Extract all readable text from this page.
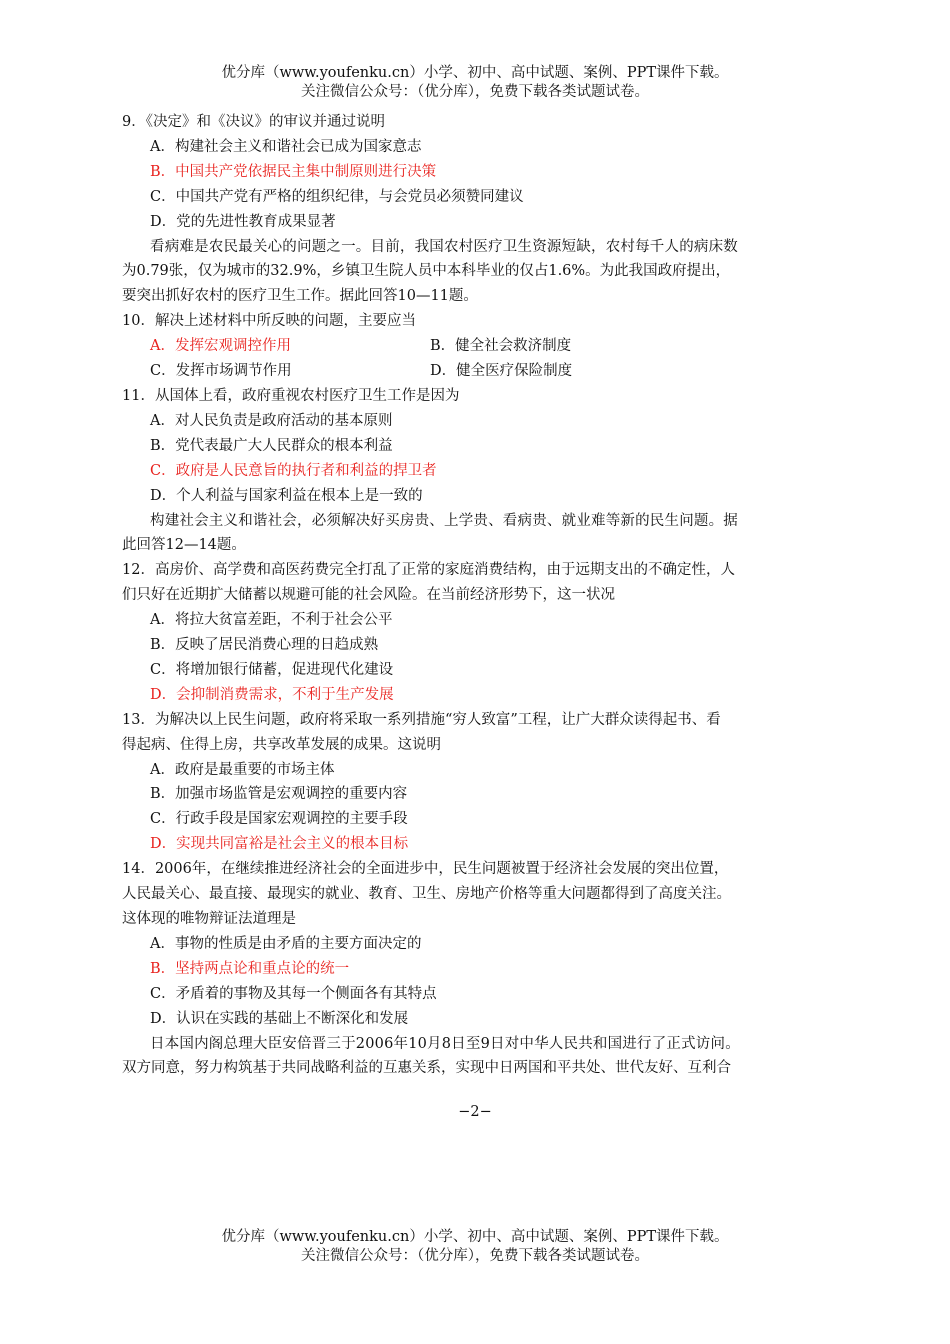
优分库（www.youfenku.cn）小学、初中、高中试题、案例、PPT课件下载。
关注微信公众号：（优分库），免费下载各类试题试卷。
9．《决定》和《决议》的审议并通过说明
A．构建社会主义和谐社会已成为国家意志
B．中国共产党依据民主集中制原则进行决策
C．中国共产党有严格的组织纪律，与会党员必须赞同建议
D．党的先进性教育成果显著
看病难是农民最关心的问题之一。目前，我国农村医疗卫生资源短缺，农村每千人的病床数
为0.79张，仅为城市的32.9%，乡镇卫生院人员中本科毕业的仅占1.6%。为此我国政府提出，
要突出抓好农村的医疗卫生工作。据此回答10—11题。
10．解决上述材料中所反映的问题，主要应当
A．发挥宏观调控作用	B．健全社会救济制度
C．发挥市场调节作用	D．健全医疗保险制度
11．从国体上看，政府重视农村医疗卫生工作是因为
A．对人民负责是政府活动的基本原则
B．党代表最广大人民群众的根本利益
C．政府是人民意旨的执行者和利益的捍卫者
D．个人利益与国家利益在根本上是一致的
构建社会主义和谐社会，必须解决好买房贵、上学贵、看病贵、就业难等新的民生问题。据
此回答12—14题。
12．高房价、高学费和高医药费完全打乱了正常的家庭消费结构，由于远期支出的不确定性，人
们只好在近期扩大储蓄以规避可能的社会风险。在当前经济形势下，这一状况
A．将拉大贫富差距，不利于社会公平
B．反映了居民消费心理的日趋成熟
C．将增加银行储蓄，促进现代化建设
D．会抑制消费需求，不利于生产发展
13．为解决以上民生问题，政府将采取一系列措施“穷人致富”工程，让广大群众读得起书、看
得起病、住得上房，共享改革发展的成果。这说明
A．政府是最重要的市场主体
B．加强市场监管是宏观调控的重要内容
C．行政手段是国家宏观调控的主要手段
D．实现共同富裕是社会主义的根本目标
14．2006年，在继续推进经济社会的全面进步中，民生问题被置于经济社会发展的突出位置，
人民最关心、最直接、最现实的就业、教育、卫生、房地产价格等重大问题都得到了高度关注。
这体现的唯物辩证法道理是
A．事物的性质是由矛盾的主要方面决定的
B．坚持两点论和重点论的统一
C．矛盾着的事物及其每一个侧面各有其特点
D．认识在实践的基础上不断深化和发展
日本国内阁总理大臣安倍晋三于2006年10月8日至9日对中华人民共和国进行了正式访问。
双方同意，努力构筑基于共同战略利益的互惠关系，实现中日两国和平共处、世代友好、互利合
−2−
优分库（www.youfenku.cn）小学、初中、高中试题、案例、PPT课件下载。
关注微信公众号：（优分库），免费下载各类试题试卷。
